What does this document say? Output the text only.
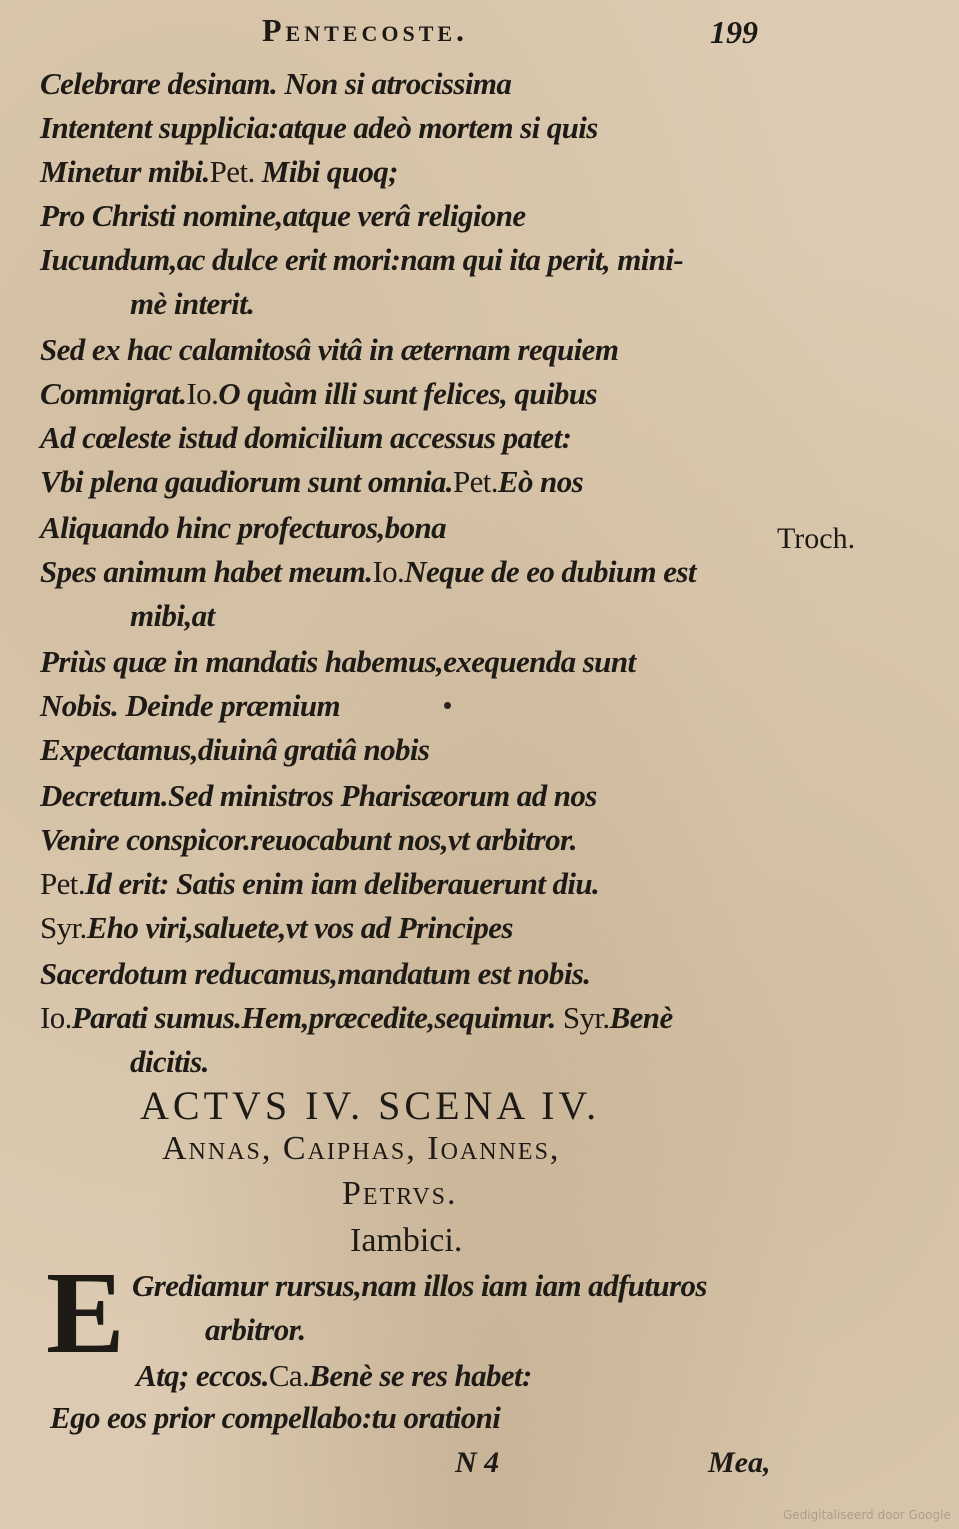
Pentecoste.	199
Celebrare desinam. Non si atrocissima
Intentent supplicia:atque adeò mortem si quis
Minetur mibi.Pet. Mibi quoq;
Pro Christi nomine,atque verâ religione
Iucundum,ac dulce erit mori:nam qui ita perit, mini-
mè interit.
Sed ex hac calamitosâ vitâ in æternam requiem
Commigrat.Io.O quàm illi sunt felices, quibus
Ad cœleste istud domicilium accessus patet:
Vbi plena gaudiorum sunt omnia.Pet.Eò nos
Aliquando hinc profecturos,bona	Troch.
Spes animum habet meum.Io.Neque de eo dubium est
mibi,at
Priùs quæ in mandatis habemus,exequenda sunt
Nobis. Deinde præmium
Expectamus,diuinâ gratiâ nobis
Decretum.Sed ministros Pharisæorum ad nos
Venire conspicor.reuocabunt nos,vt arbitror.
Pet.Id erit: Satis enim iam deliberauerunt diu.
Syr.Eho viri,saluete,vt vos ad Principes
Sacerdotum reducamus,mandatum est nobis.
Io.Parati sumus.Hem,præcedite,sequimur. Syr.Benè
dicitis.
ACTVS IV. SCENA IV.
Annas, Caiphas, Ioannes,
Petrvs.
Iambici.
E Grediamur rursus,nam illos iam iam adfuturos
arbitror.
Atq; eccos.Ca.Benè se res habet:
Ego eos prior compellabo:tu orationi
N 4	Mea,
Gedigitaliseerd door Google
